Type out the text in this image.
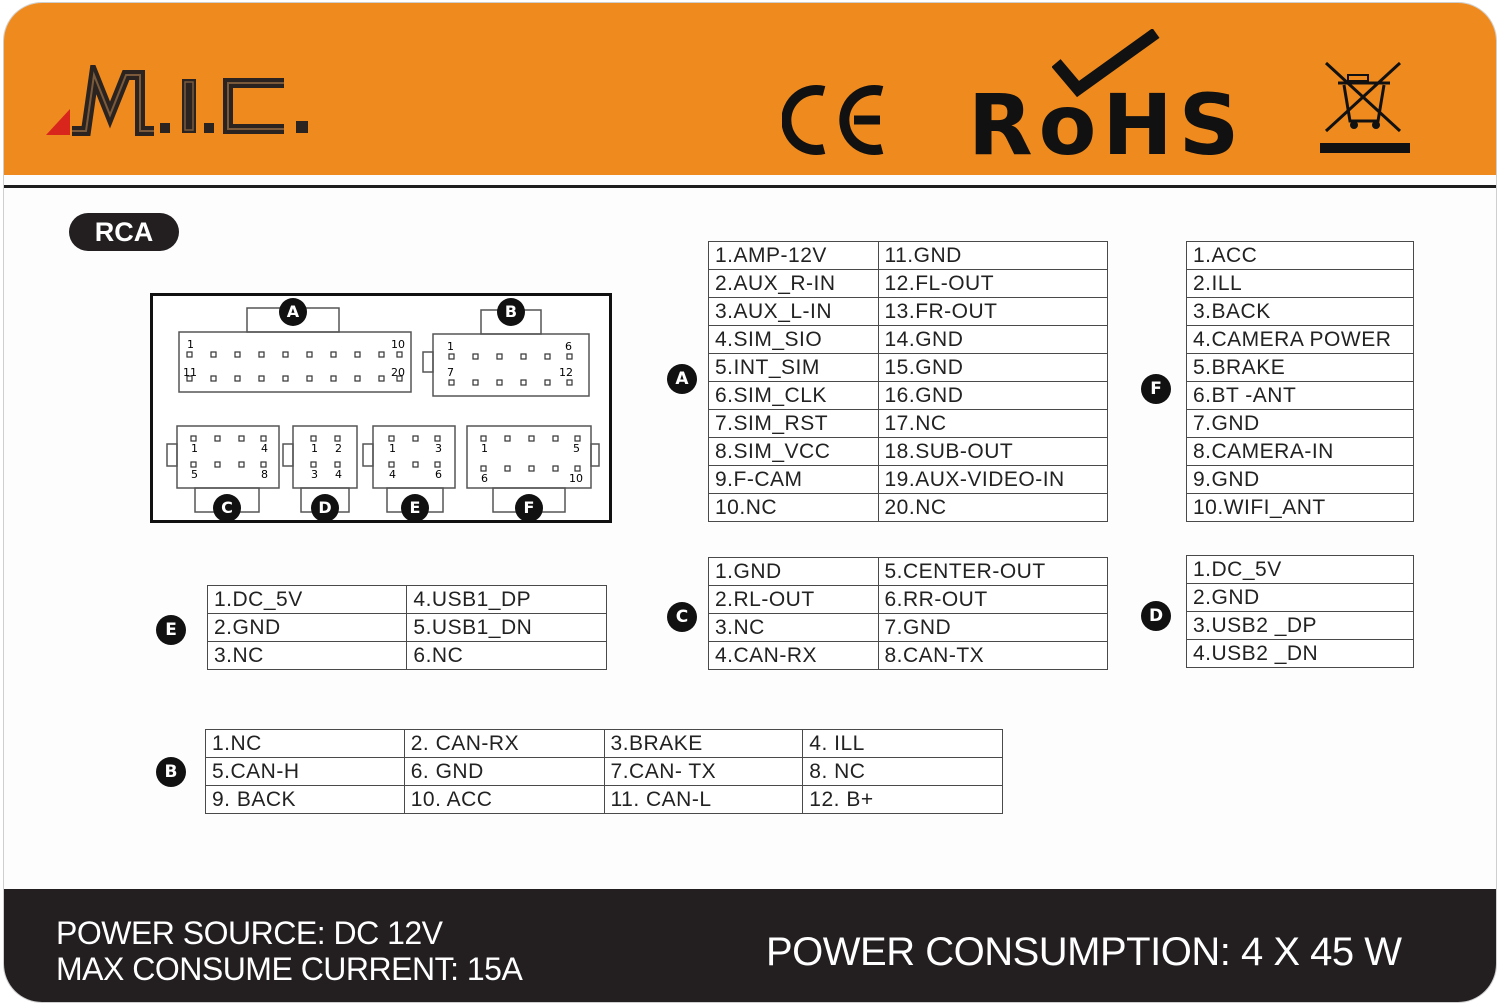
RoHS
RCA
1	10
11	20
1	6
7	12
1	4
5	8
1 2
3 4
1	3
4	6
1	5
6	10
A	B
C	D	E	F
A
1.AMP-12V	11.GND
2.AUX_R-IN	12.FL-OUT
3.AUX_L-IN	13.FR-OUT
4.SIM_SIO	14.GND
5.INT_SIM	15.GND
6.SIM_CLK	16.GND
7.SIM_RST	17.NC
8.SIM_VCC	18.SUB-OUT
9.F-CAM	19.AUX-VIDEO-IN
10.NC	20.NC
F
1.ACC
2.ILL
3.BACK
4.CAMERA POWER
5.BRAKE
6.BT -ANT
7.GND
8.CAMERA-IN
9.GND
10.WIFI_ANT
E
1.DC_5V	4.USB1_DP
2.GND	5.USB1_DN
3.NC	6.NC
C
1.GND	5.CENTER-OUT
2.RL-OUT	6.RR-OUT
3.NC	7.GND
4.CAN-RX	8.CAN-TX
D
1.DC_5V
2.GND
3.USB2 _DP
4.USB2 _DN
B
1.NC	2. CAN-RX	3.BRAKE	4. ILL
5.CAN-H	6. GND	7.CAN- TX	8. NC
9. BACK	10. ACC	11. CAN-L	12. B+
POWER SOURCE: DC 12V
MAX CONSUME CURRENT: 15A	POWER CONSUMPTION: 4 X 45 W
